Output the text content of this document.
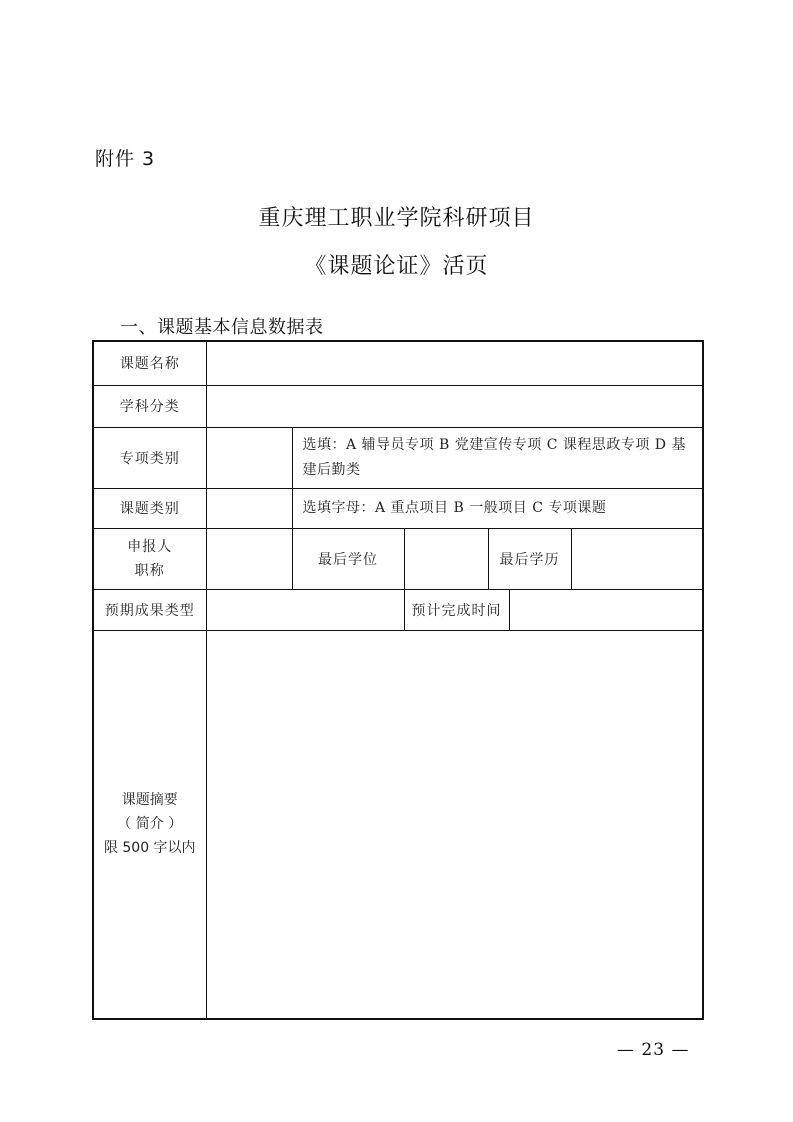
附件 3
重庆理工职业学院科研项目
《课题论证》活页
一、课题基本信息数据表
课题名称						
学科分类						
专项类别		选填：A 辅导员专项 B 党建宣传专项 C 课程思政专项 D 基建后勤类				
课题类别		选填字母：A 重点项目 B 一般项目 C 专项课题				

申报人
职称		最后学位		最后学历		
预期成果类型			预计完成时间			

课题摘要
（ 简介 ）
限 500 字以内						

— 23 —
